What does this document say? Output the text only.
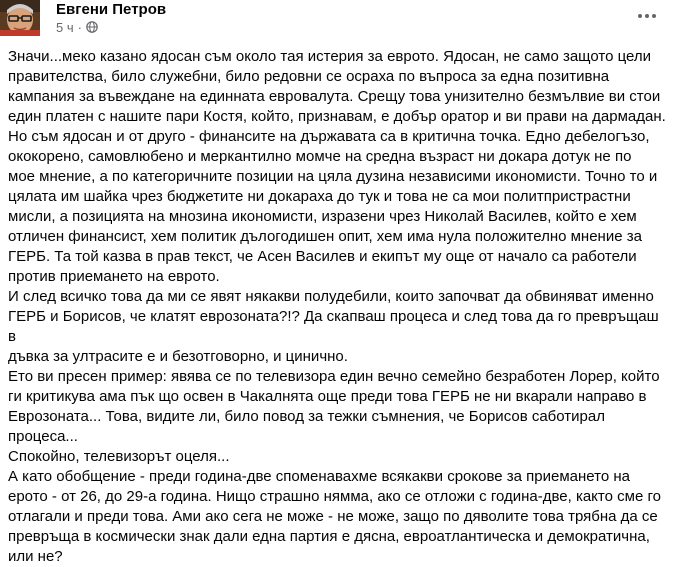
Евгени Петров
5 ч ·

Значи...меко казано ядосан съм около тая истерия за еврото. Ядосан, не само защото цели
правителства, било служебни, било редовни се осраха по въпроса за една позитивна
кампания за въвеждане на единната евровалута. Срещу това унизително безмълвие ви стои
един платен с нашите пари Костя, който, признавам, е добър оратор и ви прави на дармадан.
Но съм ядосан и от друго - финансите на държавата са в критична точка. Едно дебелогъзо,
ококорено, самовлюбено и меркантилно момче на средна възраст ни докара дотук не по
мое мнение, а по категоричните позиции на цяла дузина независими икономисти. Точно то и
цялата им шайка чрез бюджетите ни докараха до тук и това не са мои политпристрастни
мисли, а позицията на мнозина икономисти, изразени чрез Николай Василев, който е хем
отличен финансист, хем политик дълогодишен опит, хем има нула положително мнение за
ГЕРБ. Та той казва в прав текст, че Асен Василев и екипът му още от начало са работели
против приемането на еврото.

И след всичко това да ми се явят някакви полудебили, които започват да обвиняват именно
ГЕРБ и Борисов, че клатят еврозоната?!? Да скапваш процеса и след това да го превръщаш в
дъвка за ултрасите е и безотговорно, и цинично.

Ето ви пресен пример: явява се по телевизора един вечно семейно безработен Лорер, който
ги критикува ама пък що освен в Чакалнята още преди това ГЕРБ не ни вкарали направо в
Еврозоната... Това, видите ли, било повод за тежки съмнения, че Борисов саботирал
процеса...

Спокойно, телевизорът оцеля...

А като обобщение - преди година-две споменавахме всякакви срокове за приемането на
ерото - от 26, до 29-а година. Нищо страшно нямма, ако се отложи с година-две, както сме го
отлагали и преди това. Ами ако сега не може - не може, защо по дяволите това трябна да се
превръща в космически знак дали една партия е дясна, евроатлантическа и демократична,
или не?
